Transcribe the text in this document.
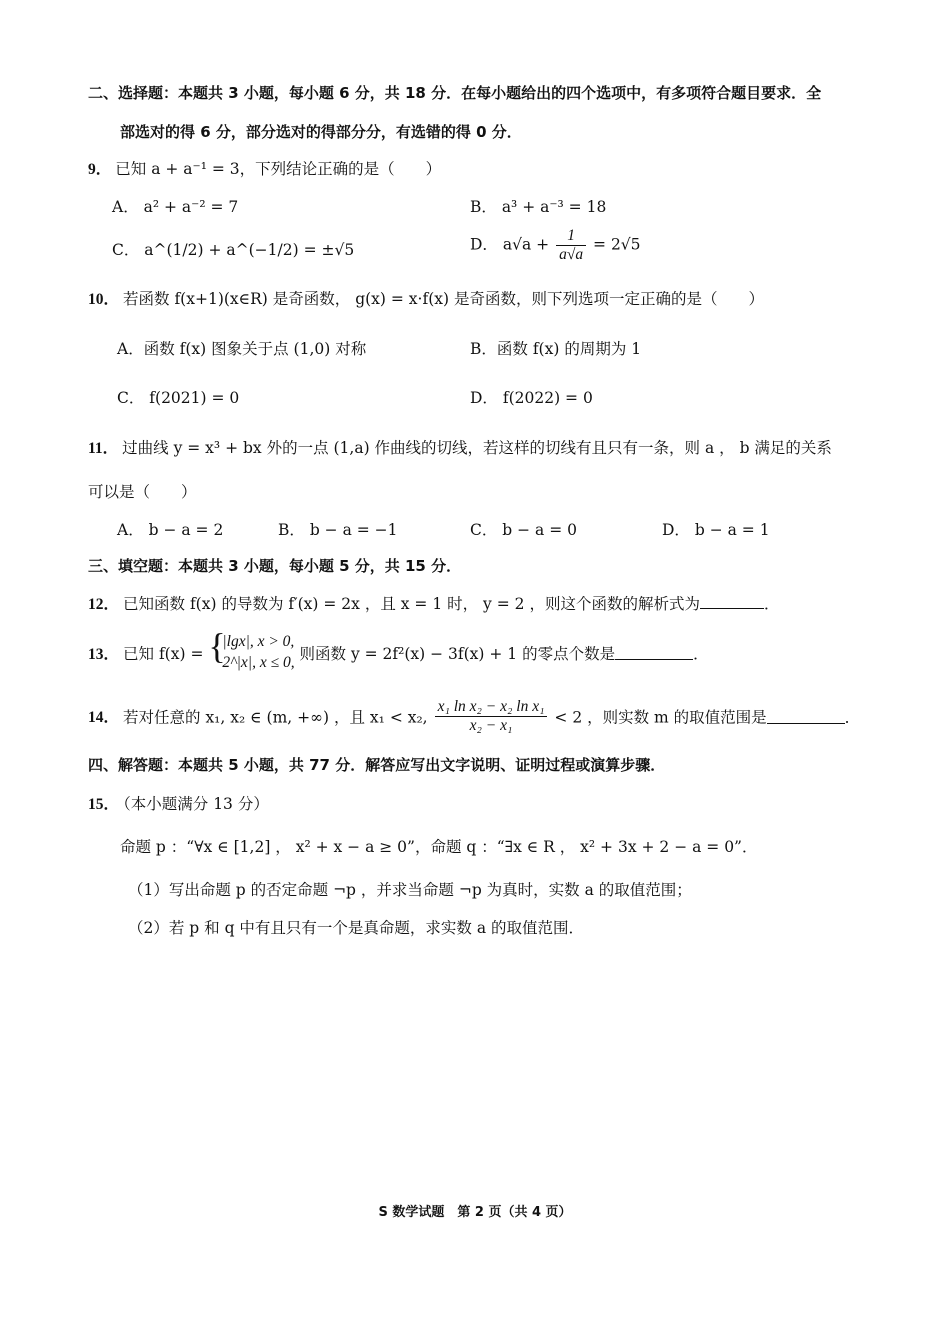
二、选择题：本题共 3 小题，每小题 6 分，共 18 分．在每小题给出的四个选项中，有多项符合题目要求．全
部选对的得 6 分，部分选对的得部分分，有选错的得 0 分．
9． 已知 a + a⁻¹ = 3，下列结论正确的是（　　）
A． a² + a⁻² = 7	B． a³ + a⁻³ = 18
C． a^(1/2) + a^(−1/2) = ±√5	D． $a√a + \frac{1}{a√a} = 2√5$
10． 若函数 f(x+1)(x∈R) 是奇函数， g(x) = x·f(x) 是奇函数，则下列选项一定正确的是（　　）
A．函数 f(x) 图象关于点 (1,0) 对称	B．函数 f(x) 的周期为 1
C． f(2021) = 0	D． f(2022) = 0
11． 过曲线 y = x³ + bx 外的一点 (1,a) 作曲线的切线，若这样的切线有且只有一条，则 a ， b 满足的关系
可以是（　　）
A． b − a = 2	B． b − a = −1	C． b − a = 0	D． b − a = 1
三、填空题：本题共 3 小题，每小题 5 分，共 15 分．
12． 已知函数 f(x) 的导数为 f′(x) = 2x ，且 x = 1 时， y = 2 ，则这个函数的解析式为	．
13． 已知 f(x) = {
|lgx|, x > 0,
2^|x|, x ≤ 0, 则函数 y = 2f²(x) − 3f(x) + 1 的零点个数是	．
14． 若对任意的 x₁, x₂ ∈ (m, +∞) ，且 x₁ < x₂, $\frac{\text{x₁ ln x₂ − x₂ ln x₁}}{\text{x₂ − x₁}} < 2$ ，则实数 m 的取值范围是	．
四、解答题：本题共 5 小题，共 77 分．解答应写出文字说明、证明过程或演算步骤．
15． （本小题满分 13 分）
命题 p ：“∀x ∈ [1,2] ， x² + x − a ≥ 0”，命题 q ：“∃x ∈ R ， x² + 3x + 2 − a = 0”．
（1）写出命题 p 的否定命题 ¬p ，并求当命题 ¬p 为真时，实数 a 的取值范围；
（2）若 p 和 q 中有且只有一个是真命题，求实数 a 的取值范围．
S 数学试题　第 2 页（共 4 页）
